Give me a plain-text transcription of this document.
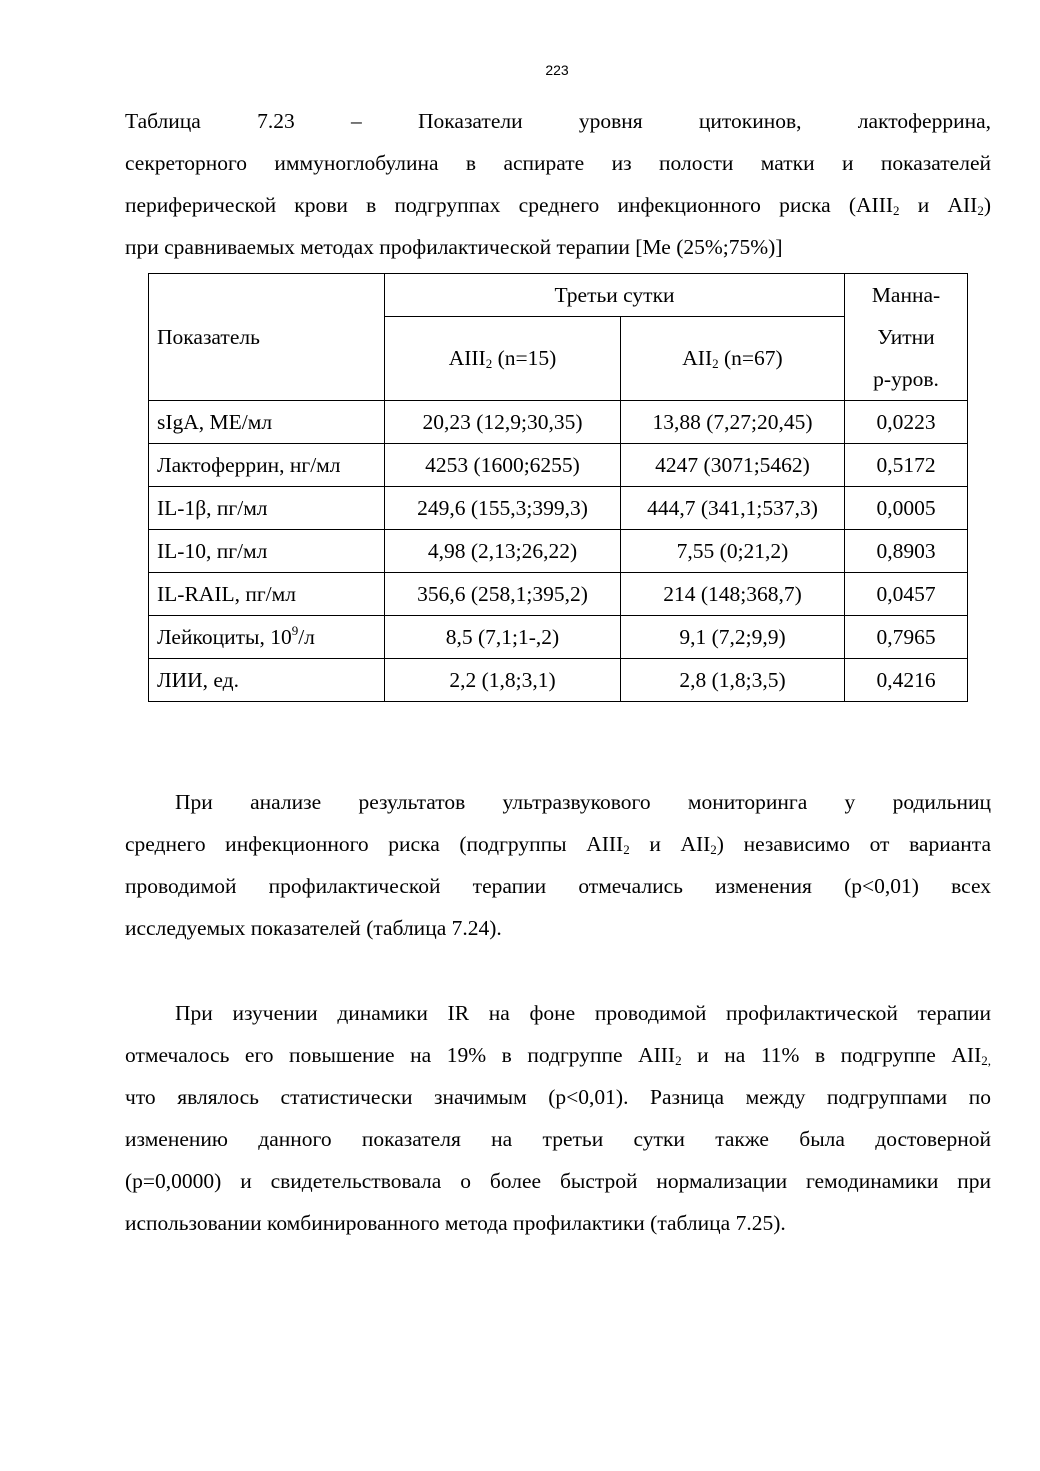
223
Таблица 7.23 – Показатели уровня цитокинов, лактоферрина,
секреторного иммуноглобулина в аспирате из полости матки и показателей
периферической крови в подгруппах среднего инфекционного риска ($AIII_2$ и $AII_2$)
при сравниваемых методах профилактической терапии [Ме (25%;75%)]
Показатель	Третьи сутки		Манна-
Уитни
р-уров.

	$AIII_2$ (n=15)	$AII_2$ (n=67)	
sIgA, МЕ/мл	20,23 (12,9;30,35)	13,88 (7,27;20,45)	0,0223
Лактоферрин, нг/мл	4253 (1600;6255)	4247 (3071;5462)	0,5172
IL-1β, пг/мл	249,6 (155,3;399,3)	444,7 (341,1;537,3)	0,0005
IL-10, пг/мл	4,98 (2,13;26,22)	7,55 (0;21,2)	0,8903
IL-RAIL, пг/мл	356,6 (258,1;395,2)	214 (148;368,7)	0,0457
Лейкоциты, $10^9/л$	8,5 (7,1;1-,2)	9,1 (7,2;9,9)	0,7965
ЛИИ, ед.	2,2 (1,8;3,1)	2,8 (1,8;3,5)	0,4216
При анализе результатов ультразвукового мониторинга у родильниц
среднего инфекционного риска (подгруппы $AIII_2$ и $AII_2$) независимо от варианта
проводимой профилактической терапии отмечались изменения (р<0,01) всех
исследуемых показателей (таблица 7.24).
При изучении динамики IR на фоне проводимой профилактической терапии
отмечалось его повышение на 19% в подгруппе $AIII_2$ и на 11% в подгруппе $AII_{2,}$
что являлось статистически значимым (р<0,01). Разница между подгруппами по
изменению данного показателя на третьи сутки также была достоверной
(р=0,0000) и свидетельствовала о более быстрой нормализации гемодинамики при
использовании комбинированного метода профилактики (таблица 7.25).
